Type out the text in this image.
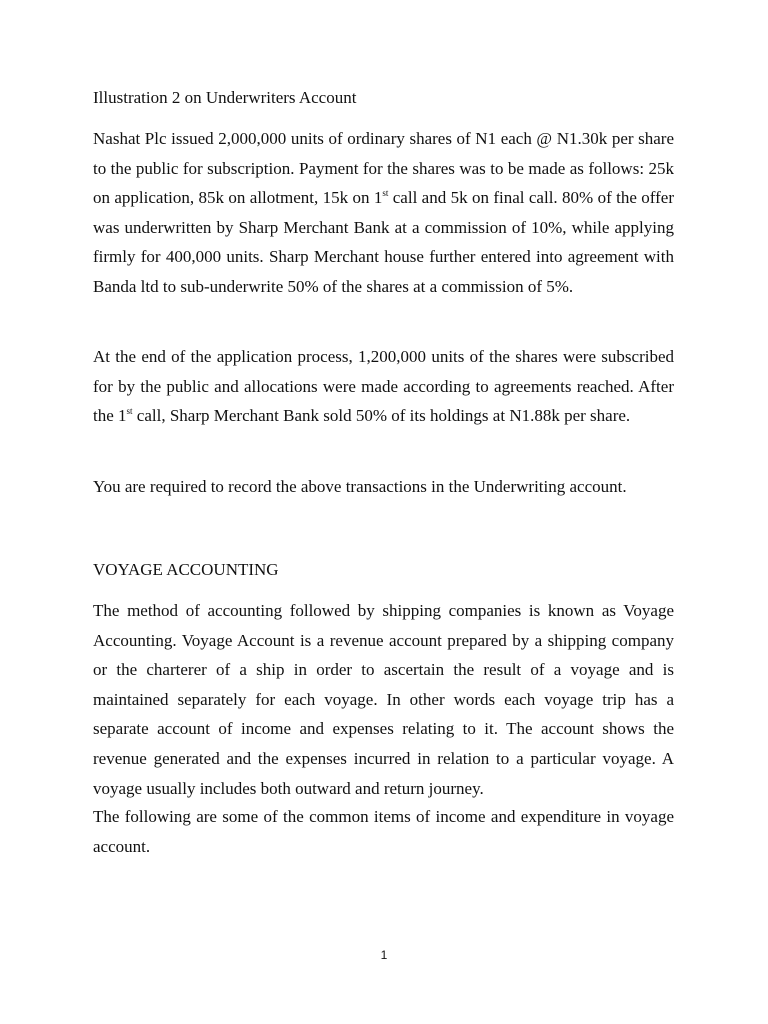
Illustration 2 on Underwriters Account

Nashat Plc issued 2,000,000 units of ordinary shares of N1 each @ N1.30k per share to the public for subscription. Payment for the shares was to be made as follows: 25k on application, 85k on allotment, 15k on 1st call and 5k on final call. 80% of the offer was underwritten by Sharp Merchant Bank at a commission of 10%, while applying firmly for 400,000 units. Sharp Merchant house further entered into agreement with Banda ltd to sub-underwrite 50% of the shares at a commission of 5%.

At the end of the application process, 1,200,000 units of the shares were subscribed for by the public and allocations were made according to agreements reached. After the 1st call, Sharp Merchant Bank sold 50% of its holdings at N1.88k per share.

You are required to record the above transactions in the Underwriting account.

VOYAGE ACCOUNTING

The method of accounting followed by shipping companies is known as Voyage Accounting. Voyage Account is a revenue account prepared by a shipping company or the charterer of a ship in order to ascertain the result of a voyage and is maintained separately for each voyage. In other words each voyage trip has a separate account of income and expenses relating to it. The account shows the revenue generated and the expenses incurred in relation to a particular voyage. A voyage usually includes both outward and return journey.

The following are some of the common items of income and expenditure in voyage account.

1
